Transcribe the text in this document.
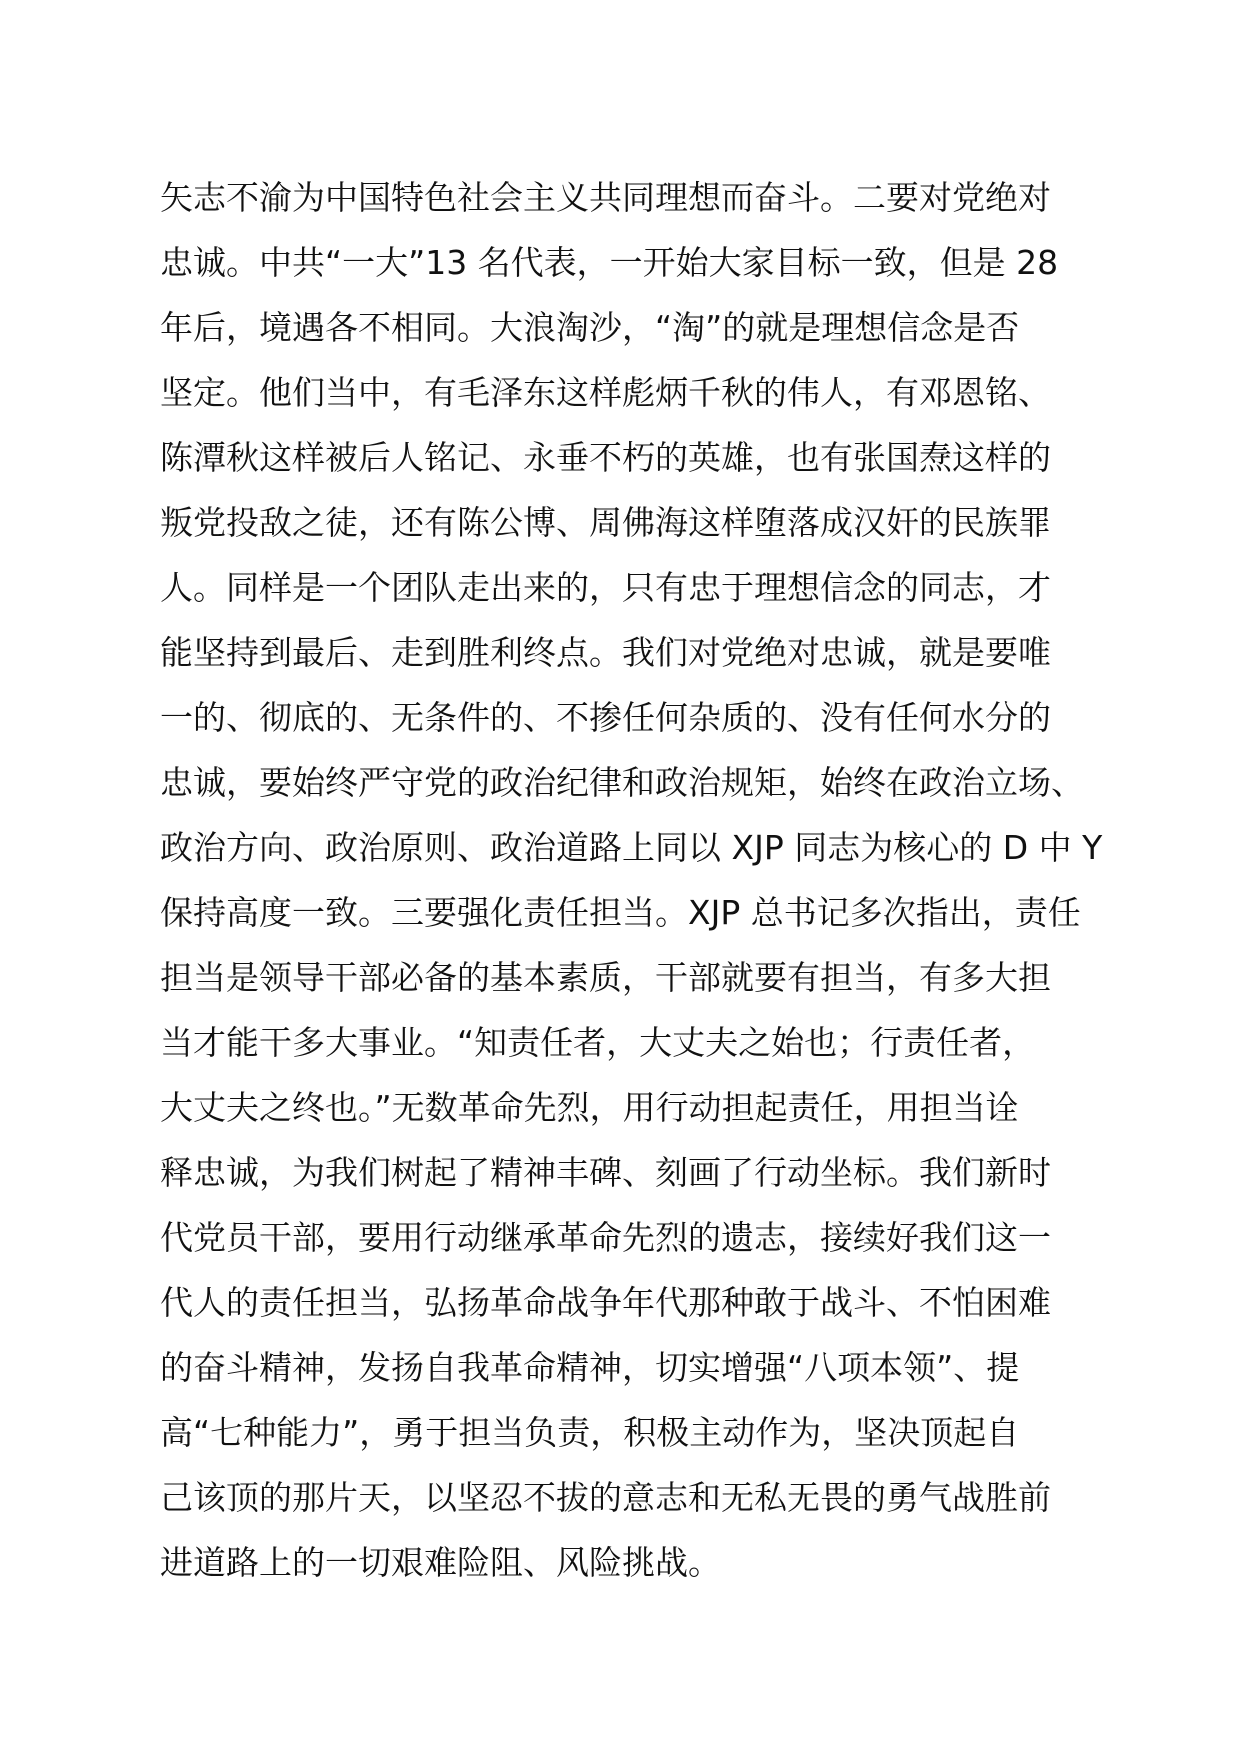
矢志不渝为中国特色社会主义共同理想而奋斗。二要对党绝对
忠诚。中共“一大”13 名代表，一开始大家目标一致，但是 28
年后，境遇各不相同。大浪淘沙，“淘”的就是理想信念是否
坚定。他们当中，有毛泽东这样彪炳千秋的伟人，有邓恩铭、
陈潭秋这样被后人铭记、永垂不朽的英雄，也有张国焘这样的
叛党投敌之徒，还有陈公博、周佛海这样堕落成汉奸的民族罪
人。同样是一个团队走出来的，只有忠于理想信念的同志，才
能坚持到最后、走到胜利终点。我们对党绝对忠诚，就是要唯
一的、彻底的、无条件的、不掺任何杂质的、没有任何水分的
忠诚，要始终严守党的政治纪律和政治规矩，始终在政治立场、
政治方向、政治原则、政治道路上同以 XJP 同志为核心的 D 中 Y
保持高度一致。三要强化责任担当。XJP 总书记多次指出，责任
担当是领导干部必备的基本素质，干部就要有担当，有多大担
当才能干多大事业。“知责任者，大丈夫之始也；行责任者，
大丈夫之终也。”无数革命先烈，用行动担起责任，用担当诠
释忠诚，为我们树起了精神丰碑、刻画了行动坐标。我们新时
代党员干部，要用行动继承革命先烈的遗志，接续好我们这一
代人的责任担当，弘扬革命战争年代那种敢于战斗、不怕困难
的奋斗精神，发扬自我革命精神，切实增强“八项本领”、提
高“七种能力”，勇于担当负责，积极主动作为，坚决顶起自
己该顶的那片天，以坚忍不拔的意志和无私无畏的勇气战胜前
进道路上的一切艰难险阻、风险挑战。
